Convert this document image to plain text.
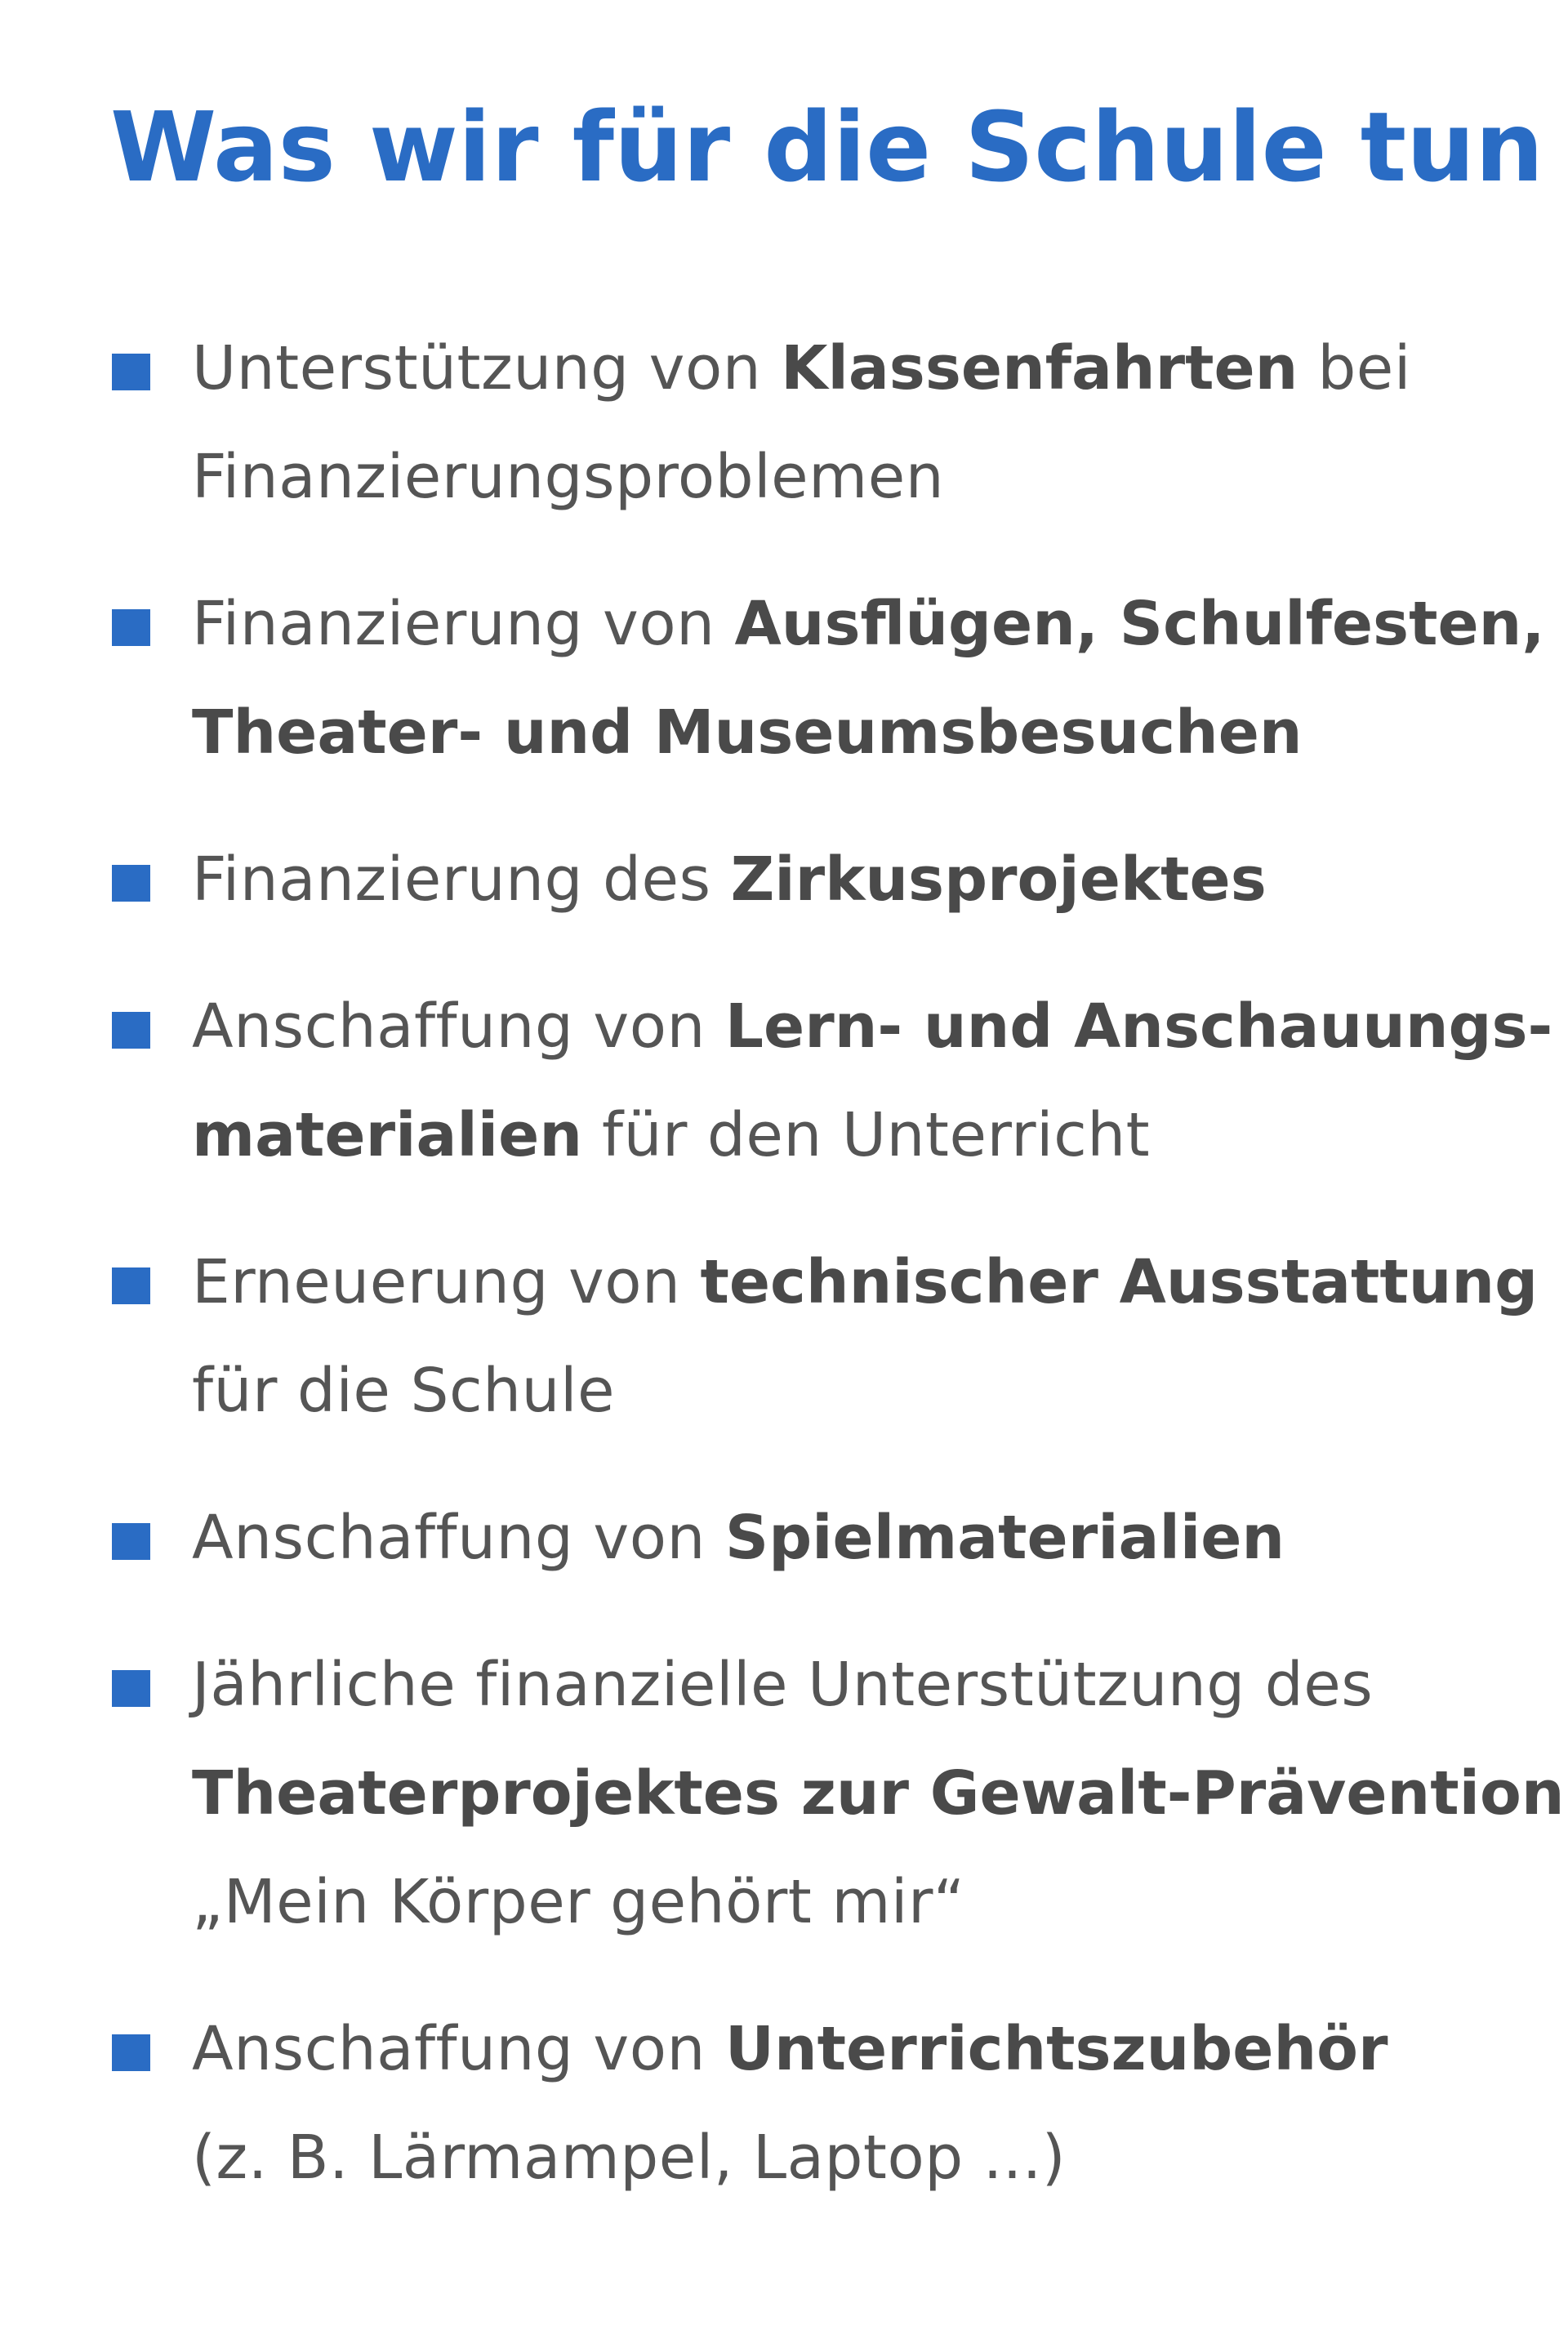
Was wir für die Schule tun
Unterstützung von Klassenfahrten bei
Finanzierungsproblemen
Finanzierung von Ausflügen, Schulfesten,
Theater- und Museumsbesuchen
Finanzierung des Zirkusprojektes
Anschaffung von Lern- und Anschauungs-
materialien für den Unterricht
Erneuerung von technischer Ausstattung
für die Schule
Anschaffung von Spielmaterialien
Jährliche finanzielle Unterstützung des
Theaterprojektes zur Gewalt-Prävention
„Mein Körper gehört mir“
Anschaffung von Unterrichtszubehör
(z. B. Lärmampel, Laptop ...)
